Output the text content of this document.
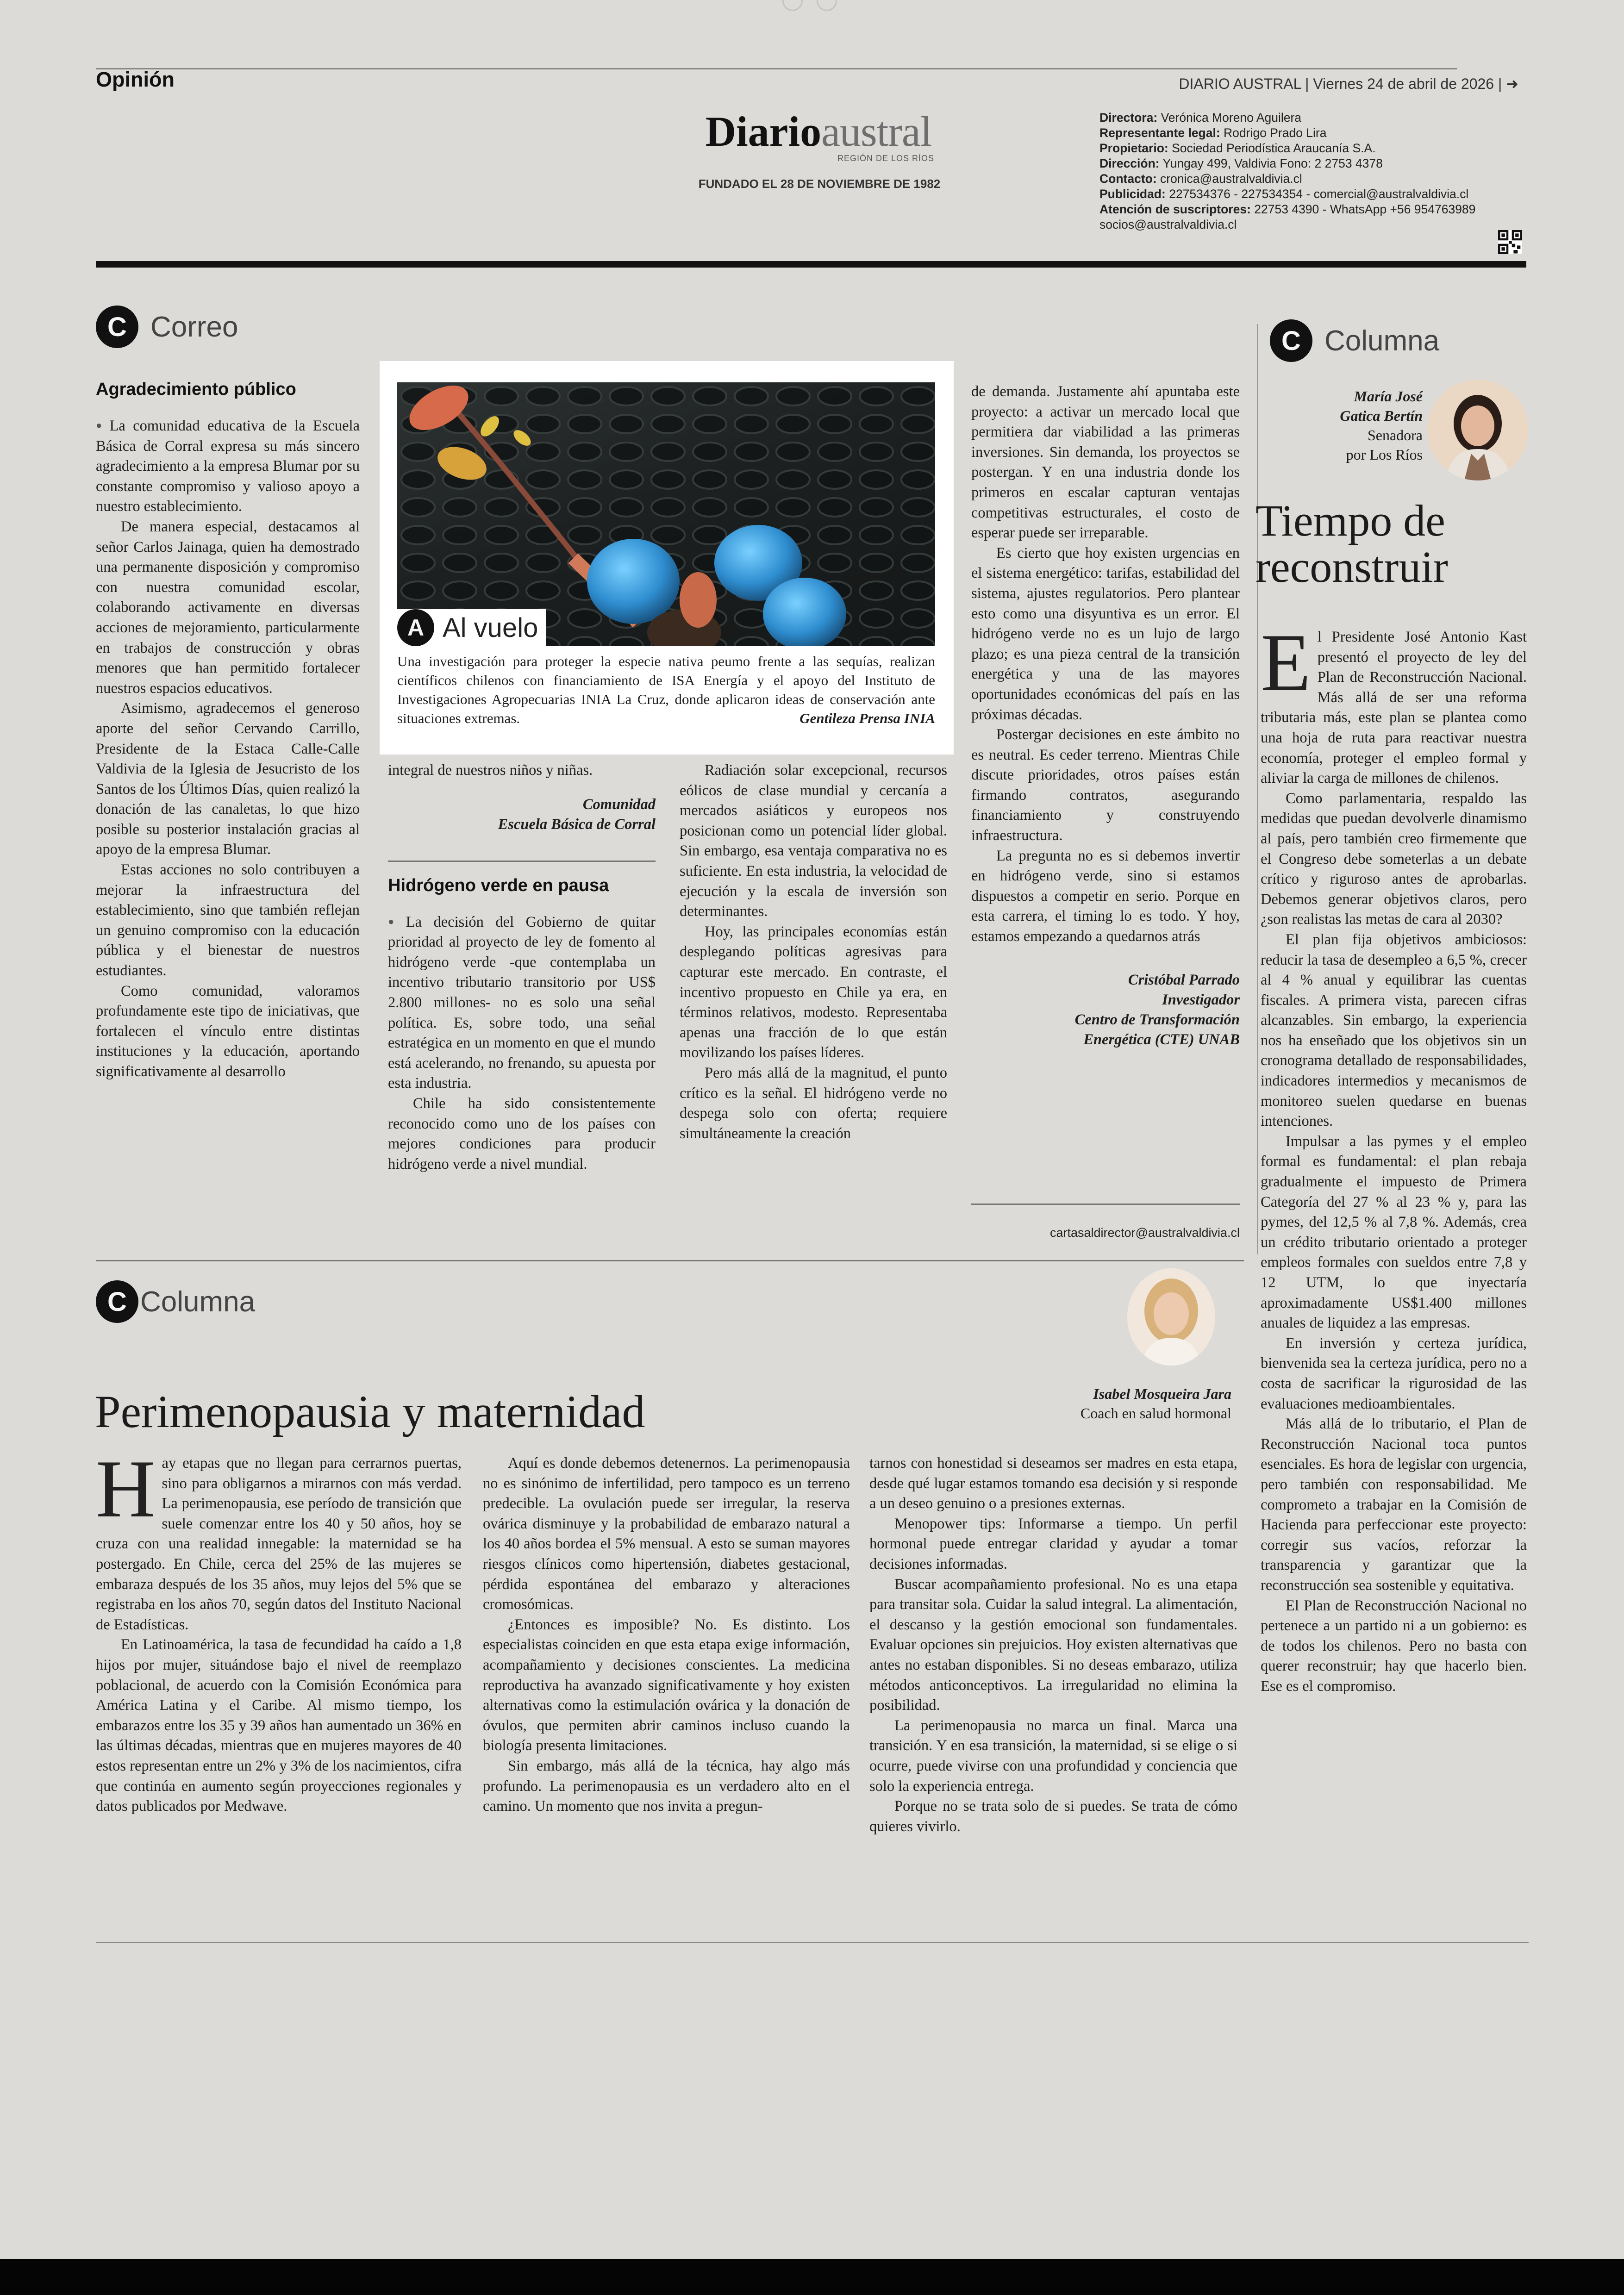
Opinión	DIARIO AUSTRAL | Viernes 24 de abril de 2026 | ➜
Diarioaustral
REGIÓN DE LOS RÍOS
FUNDADO EL 28 DE NOVIEMBRE DE 1982
Directora: Verónica Moreno Aguilera
Representante legal: Rodrigo Prado Lira
Propietario: Sociedad Periodística Araucanía S.A.
Dirección: Yungay 499, Valdivia Fono: 2 2753 4378
Contacto: cronica@australvaldivia.cl
Publicidad: 227534376 - 227534354 - comercial@australvaldivia.cl
Atención de suscriptores: 22753 4390 - WhatsApp +56 954763989
socios@australvaldivia.cl
C Correo
Agradecimiento público

● La comunidad educativa de la Escuela Básica de Corral expresa su más sincero agradecimiento a la empresa Blumar por su constante compromiso y valioso apoyo a nuestro establecimiento.

De manera especial, destacamos al señor Carlos Jainaga, quien ha demostrado una permanente disposición y compromiso con nuestra comunidad escolar, colaborando activamente en diversas acciones de mejoramiento, particularmente en trabajos de construcción y obras menores que han permitido fortalecer nuestros espacios educativos.

Asimismo, agradecemos el generoso aporte del señor Cervando Carrillo, Presidente de la Estaca Calle-Calle Valdivia de la Iglesia de Jesucristo de los Santos de los Últimos Días, quien realizó la donación de las canaletas, lo que hizo posible su posterior instalación gracias al apoyo de la empresa Blumar.

Estas acciones no solo contribuyen a mejorar la infraestructura del establecimiento, sino que también reflejan un genuino compromiso con la educación pública y el bienestar de nuestros estudiantes.

Como comunidad, valoramos profundamente este tipo de iniciativas, que fortalecen el vínculo entre distintas instituciones y la educación, aportando significativamente al desarrollo

A Al vuelo

Una investigación para proteger la especie nativa peumo frente a las sequías, realizan científicos chilenos con financiamiento de ISA Energía y el apoyo del Instituto de Investigaciones Agropecuarias INIA La Cruz, donde aplicaron ideas de conservación ante situaciones extremas.	Gentileza Prensa INIA

integral de nuestros niños y niñas.

Comunidad
Escuela Básica de Corral
Hidrógeno verde en pausa

● La decisión del Gobierno de quitar prioridad al proyecto de ley de fomento al hidrógeno verde -que contemplaba un incentivo tributario transitorio por US$ 2.800 millones- no es solo una señal política. Es, sobre todo, una señal estratégica en un momento en que el mundo está acelerando, no frenando, su apuesta por esta industria.

Chile ha sido consistentemente reconocido como uno de los países con mejores condiciones para producir hidrógeno verde a nivel mundial.

Radiación solar excepcional, recursos eólicos de clase mundial y cercanía a mercados asiáticos y europeos nos posicionan como un potencial líder global. Sin embargo, esa ventaja comparativa no es suficiente. En esta industria, la velocidad de ejecución y la escala de inversión son determinantes.

Hoy, las principales economías están desplegando políticas agresivas para capturar este mercado. En contraste, el incentivo propuesto en Chile ya era, en términos relativos, modesto. Representaba apenas una fracción de lo que están movilizando los países líderes.

Pero más allá de la magnitud, el punto crítico es la señal. El hidrógeno verde no despega solo con oferta; requiere simultáneamente la creación

de demanda. Justamente ahí apuntaba este proyecto: a activar un mercado local que permitiera dar viabilidad a las primeras inversiones. Sin demanda, los proyectos se postergan. Y en una industria donde los primeros en escalar capturan ventajas competitivas estructurales, el costo de esperar puede ser irreparable.

Es cierto que hoy existen urgencias en el sistema energético: tarifas, estabilidad del sistema, ajustes regulatorios. Pero plantear esto como una disyuntiva es un error. El hidrógeno verde no es un lujo de largo plazo; es una pieza central de la transición energética y una de las mayores oportunidades económicas del país en las próximas décadas.

Postergar decisiones en este ámbito no es neutral. Es ceder terreno. Mientras Chile discute prioridades, otros países están firmando contratos, asegurando financiamiento y construyendo infraestructura.

La pregunta no es si debemos invertir en hidrógeno verde, sino si estamos dispuestos a competir en serio. Porque en esta carrera, el timing lo es todo. Y hoy, estamos empezando a quedarnos atrás

Cristóbal Parrado
Investigador
Centro de Transformación
Energética (CTE) UNAB
cartasaldirector@australvaldivia.cl
C Columna
María José
Gatica Bertín
Senadora
por Los Ríos
Tiempo de
reconstruir

El Presidente José Antonio Kast presentó el proyecto de ley del Plan de Reconstrucción Nacional. Más allá de ser una reforma tributaria más, este plan se plantea como una hoja de ruta para reactivar nuestra economía, proteger el empleo formal y aliviar la carga de millones de chilenos.

Como parlamentaria, respaldo las medidas que puedan devolverle dinamismo al país, pero también creo firmemente que el Congreso debe someterlas a un debate crítico y riguroso antes de aprobarlas. Debemos generar objetivos claros, pero ¿son realistas las metas de cara al 2030?

El plan fija objetivos ambiciosos: reducir la tasa de desempleo a 6,5 %, crecer al 4 % anual y equilibrar las cuentas fiscales. A primera vista, parecen cifras alcanzables. Sin embargo, la experiencia nos ha enseñado que los objetivos sin un cronograma detallado de responsabilidades, indicadores intermedios y mecanismos de monitoreo suelen quedarse en buenas intenciones.

Impulsar a las pymes y el empleo formal es fundamental: el plan rebaja gradualmente el impuesto de Primera Categoría del 27 % al 23 % y, para las pymes, del 12,5 % al 7,8 %. Además, crea un crédito tributario orientado a proteger empleos formales con sueldos entre 7,8 y 12 UTM, lo que inyectaría aproximadamente US$1.400 millones anuales de liquidez a las empresas.

En inversión y certeza jurídica, bienvenida sea la certeza jurídica, pero no a costa de sacrificar la rigurosidad de las evaluaciones medioambientales.

Más allá de lo tributario, el Plan de Reconstrucción Nacional toca puntos esenciales. Es hora de legislar con urgencia, pero también con responsabilidad. Me comprometo a trabajar en la Comisión de Hacienda para perfeccionar este proyecto: corregir sus vacíos, reforzar la transparencia y garantizar que la reconstrucción sea sostenible y equitativa.

El Plan de Reconstrucción Nacional no pertenece a un partido ni a un gobierno: es de todos los chilenos. Pero no basta con querer reconstruir; hay que hacerlo bien. Ese es el compromiso.

C Columna
Isabel Mosqueira Jara
Coach en salud hormonal
Perimenopausia y maternidad

Hay etapas que no llegan para cerrarnos puertas, sino para obligarnos a mirarnos con más verdad. La perimenopausia, ese período de transición que suele comenzar entre los 40 y 50 años, hoy se cruza con una realidad innegable: la maternidad se ha postergado. En Chile, cerca del 25% de las mujeres se embaraza después de los 35 años, muy lejos del 5% que se registraba en los años 70, según datos del Instituto Nacional de Estadísticas.

En Latinoamérica, la tasa de fecundidad ha caído a 1,8 hijos por mujer, situándose bajo el nivel de reemplazo poblacional, de acuerdo con la Comisión Económica para América Latina y el Caribe. Al mismo tiempo, los embarazos entre los 35 y 39 años han aumentado un 36% en las últimas décadas, mientras que en mujeres mayores de 40 estos representan entre un 2% y 3% de los nacimientos, cifra que continúa en aumento según proyecciones regionales y datos publicados por Medwave.

Aquí es donde debemos detenernos. La perimenopausia no es sinónimo de infertilidad, pero tampoco es un terreno predecible. La ovulación puede ser irregular, la reserva ovárica disminuye y la probabilidad de embarazo natural a los 40 años bordea el 5% mensual. A esto se suman mayores riesgos clínicos como hipertensión, diabetes gestacional, pérdida espontánea del embarazo y alteraciones cromosómicas.

¿Entonces es imposible? No. Es distinto. Los especialistas coinciden en que esta etapa exige información, acompañamiento y decisiones conscientes. La medicina reproductiva ha avanzado significativamente y hoy existen alternativas como la estimulación ovárica y la donación de óvulos, que permiten abrir caminos incluso cuando la biología presenta limitaciones.

Sin embargo, más allá de la técnica, hay algo más profundo. La perimenopausia es un verdadero alto en el camino. Un momento que nos invita a pregun-

tarnos con honestidad si deseamos ser madres en esta etapa, desde qué lugar estamos tomando esa decisión y si responde a un deseo genuino o a presiones externas.

Menopower tips: Informarse a tiempo. Un perfil hormonal puede entregar claridad y ayudar a tomar decisiones informadas.

Buscar acompañamiento profesional. No es una etapa para transitar sola. Cuidar la salud integral. La alimentación, el descanso y la gestión emocional son fundamentales. Evaluar opciones sin prejuicios. Hoy existen alternativas que antes no estaban disponibles. Si no deseas embarazo, utiliza métodos anticonceptivos. La irregularidad no elimina la posibilidad.

La perimenopausia no marca un final. Marca una transición. Y en esa transición, la maternidad, si se elige o si ocurre, puede vivirse con una profundidad y conciencia que solo la experiencia entrega.

Porque no se trata solo de si puedes. Se trata de cómo quieres vivirlo.
